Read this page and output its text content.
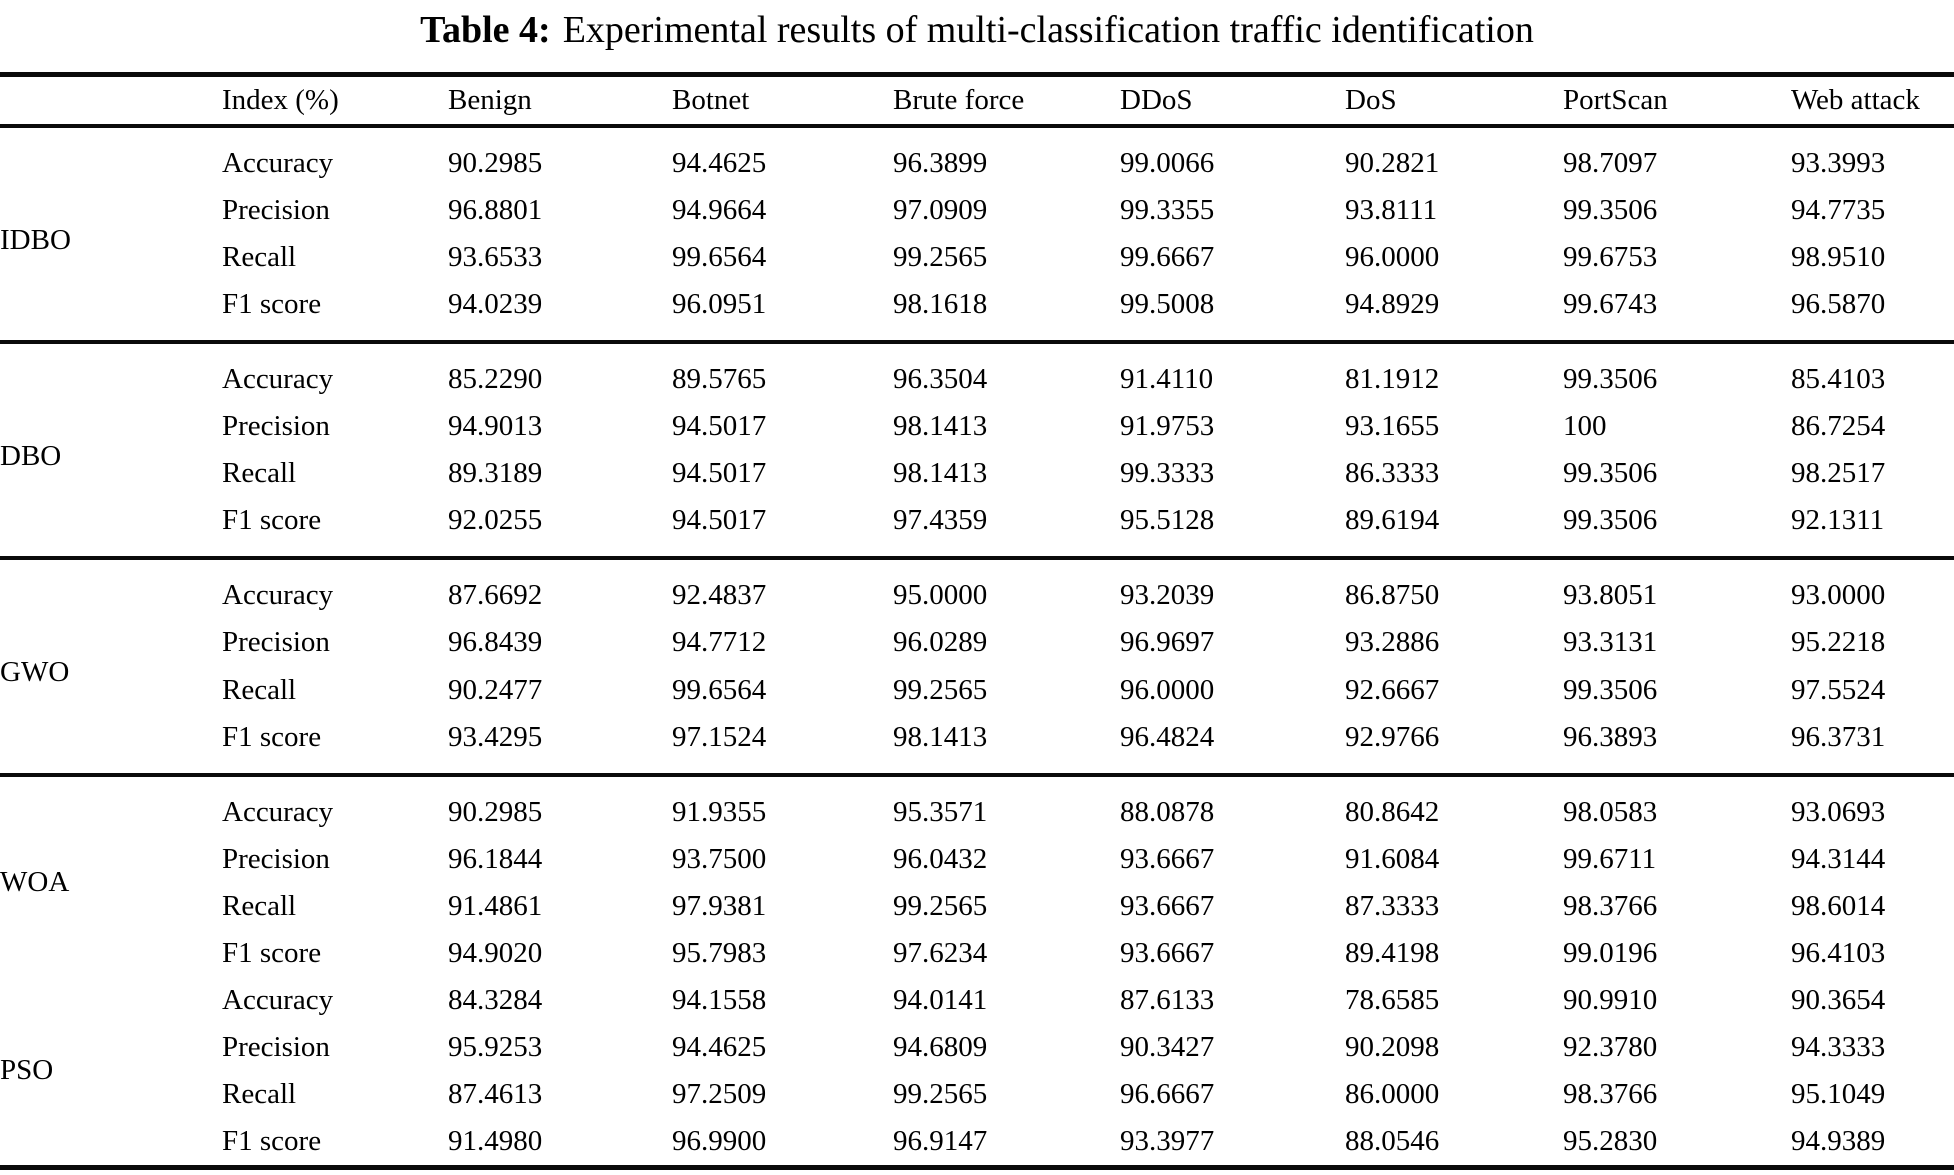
Table 4: Experimental results of multi-classification traffic identification
	Index (%)	Benign	Botnet	Brute force	DDoS	DoS	PortScan	Web attack
IDBO	Accuracy	90.2985	94.4625	96.3899	99.0066	90.2821	98.7097	93.3993
	Precision	96.8801	94.9664	97.0909	99.3355	93.8111	99.3506	94.7735
	Recall	93.6533	99.6564	99.2565	99.6667	96.0000	99.6753	98.9510
	F1 score	94.0239	96.0951	98.1618	99.5008	94.8929	99.6743	96.5870
DBO	Accuracy	85.2290	89.5765	96.3504	91.4110	81.1912	99.3506	85.4103
	Precision	94.9013	94.5017	98.1413	91.9753	93.1655	100	86.7254
	Recall	89.3189	94.5017	98.1413	99.3333	86.3333	99.3506	98.2517
	F1 score	92.0255	94.5017	97.4359	95.5128	89.6194	99.3506	92.1311
GWO	Accuracy	87.6692	92.4837	95.0000	93.2039	86.8750	93.8051	93.0000
	Precision	96.8439	94.7712	96.0289	96.9697	93.2886	93.3131	95.2218
	Recall	90.2477	99.6564	99.2565	96.0000	92.6667	99.3506	97.5524
	F1 score	93.4295	97.1524	98.1413	96.4824	92.9766	96.3893	96.3731
WOA	Accuracy	90.2985	91.9355	95.3571	88.0878	80.8642	98.0583	93.0693
	Precision	96.1844	93.7500	96.0432	93.6667	91.6084	99.6711	94.3144
	Recall	91.4861	97.9381	99.2565	93.6667	87.3333	98.3766	98.6014
	F1 score	94.9020	95.7983	97.6234	93.6667	89.4198	99.0196	96.4103
PSO	Accuracy	84.3284	94.1558	94.0141	87.6133	78.6585	90.9910	90.3654
	Precision	95.9253	94.4625	94.6809	90.3427	90.2098	92.3780	94.3333
	Recall	87.4613	97.2509	99.2565	96.6667	86.0000	98.3766	95.1049
	F1 score	91.4980	96.9900	96.9147	93.3977	88.0546	95.2830	94.9389
